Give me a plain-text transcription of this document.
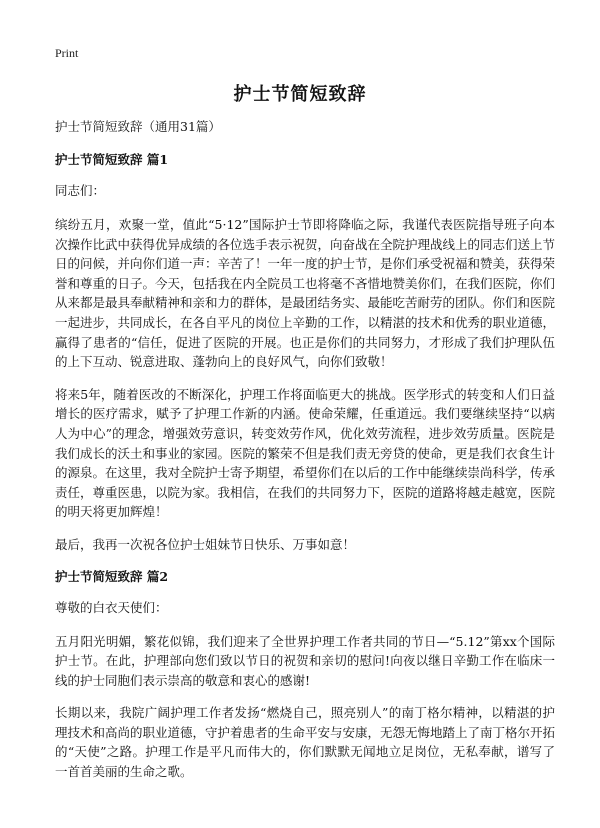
Print
护士节简短致辞

护士节简短致辞（通用31篇）

护士节简短致辞 篇1

同志们：

缤纷五月，欢聚一堂，值此“5·12”国际护士节即将降临之际，我谨代表医院指导班子向本次操作比武中获得优异成绩的各位选手表示祝贺，向奋战在全院护理战线上的同志们送上节日的问候，并向你们道一声：辛苦了！一年一度的护士节，是你们承受祝福和赞美，获得荣誉和尊重的日子。今天，包括我在内全院员工也将毫不吝惜地赞美你们，在我们医院，你们从来都是最具奉献精神和亲和力的群体，是最团结务实、最能吃苦耐劳的团队。你们和医院一起进步，共同成长，在各自平凡的岗位上辛勤的工作，以精湛的技术和优秀的职业道德，赢得了患者的“信任，促进了医院的开展。也正是你们的共同努力，才形成了我们护理队伍的上下互动、锐意进取、蓬勃向上的良好风气，向你们致敬！

将来5年，随着医改的不断深化，护理工作将面临更大的挑战。医学形式的转变和人们日益增长的医疗需求，赋予了护理工作新的内涵。使命荣耀，任重道远。我们要继续坚持“以病人为中心”的理念，增强效劳意识，转变效劳作风，优化效劳流程，进步效劳质量。医院是我们成长的沃土和事业的家园。医院的繁荣不但是我们责无旁贷的使命，更是我们衣食生计的源泉。在这里，我对全院护士寄予期望，希望你们在以后的工作中能继续崇尚科学，传承责任，尊重医患，以院为家。我相信，在我们的共同努力下，医院的道路将越走越宽，医院的明天将更加辉煌！

最后，我再一次祝各位护士姐妹节日快乐、万事如意！

护士节简短致辞 篇2

尊敬的白衣天使们：

五月阳光明媚，繁花似锦，我们迎来了全世界护理工作者共同的节日—“5.12”第xx个国际护士节。在此，护理部向您们致以节日的祝贺和亲切的慰问!向夜以继日辛勤工作在临床一线的护士同胞们表示崇高的敬意和衷心的感谢!

长期以来，我院广阔护理工作者发扬“燃烧自己，照亮别人”的南丁格尔精神，以精湛的护理技术和高尚的职业道德，守护着患者的生命平安与安康，无怨无悔地踏上了南丁格尔开拓的“天使”之路。护理工作是平凡而伟大的，你们默默无闻地立足岗位，无私奉献，谱写了一首首美丽的生命之歌。
